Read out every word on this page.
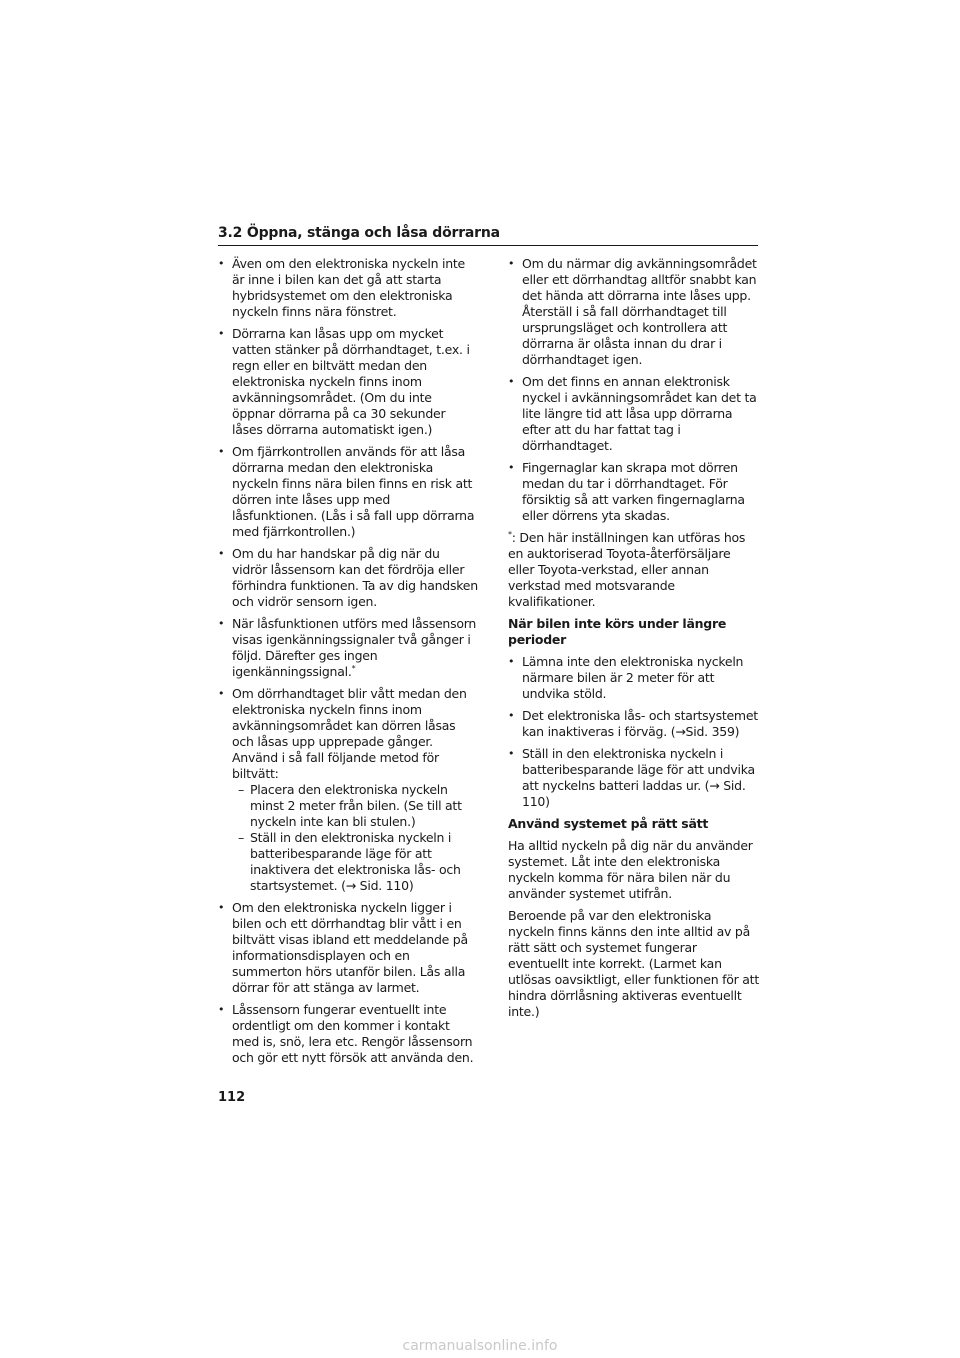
3.2 Öppna, stänga och låsa dörrarna
• Även om den elektroniska nyckeln inte är inne i bilen kan det gå att starta hybridsystemet om den elektroniska nyckeln finns nära fönstret.
• Dörrarna kan låsas upp om mycket vatten stänker på dörrhandtaget, t.ex. i regn eller en biltvätt medan den elektroniska nyckeln finns inom avkänningsområdet. (Om du inte öppnar dörrarna på ca 30 sekunder låses dörrarna automatiskt igen.)
• Om fjärrkontrollen används för att låsa dörrarna medan den elektroniska nyckeln finns nära bilen finns en risk att dörren inte låses upp med låsfunktionen. (Lås i så fall upp dörrarna med fjärrkontrollen.)
• Om du har handskar på dig när du vidrör låssensorn kan det fördröja eller förhindra funktionen. Ta av dig handsken och vidrör sensorn igen.
• När låsfunktionen utförs med låssensorn visas igenkänningssignaler två gånger i följd. Därefter ges ingen igenkänningssignal.*
• Om dörrhandtaget blir vått medan den elektroniska nyckeln finns inom avkänningsområdet kan dörren låsas och låsas upp upprepade gånger. Använd i så fall följande metod för biltvätt:
– Placera den elektroniska nyckeln minst 2 meter från bilen. (Se till att nyckeln inte kan bli stulen.)
– Ställ in den elektroniska nyckeln i batteribesparande läge för att inaktivera det elektroniska lås- och startsystemet. (→ Sid. 110)
• Om den elektroniska nyckeln ligger i bilen och ett dörrhandtag blir vått i en biltvätt visas ibland ett meddelande på informationsdisplayen och en summerton hörs utanför bilen. Lås alla dörrar för att stänga av larmet.
• Låssensorn fungerar eventuellt inte ordentligt om den kommer i kontakt med is, snö, lera etc. Rengör låssensorn och gör ett nytt försök att använda den.
• Om du närmar dig avkänningsområdet eller ett dörrhandtag alltför snabbt kan det hända att dörrarna inte låses upp. Återställ i så fall dörrhandtaget till ursprungsläget och kontrollera att dörrarna är olåsta innan du drar i dörrhandtaget igen.
• Om det finns en annan elektronisk nyckel i avkänningsområdet kan det ta lite längre tid att låsa upp dörrarna efter att du har fattat tag i dörrhandtaget.
• Fingernaglar kan skrapa mot dörren medan du tar i dörrhandtaget. För försiktig så att varken fingernaglarna eller dörrens yta skadas.

*: Den här inställningen kan utföras hos en auktoriserad Toyota-återförsäljare eller Toyota-verkstad, eller annan verkstad med motsvarande kvalifikationer.

När bilen inte körs under längre perioder

• Lämna inte den elektroniska nyckeln närmare bilen är 2 meter för att undvika stöld.
• Det elektroniska lås- och startsystemet kan inaktiveras i förväg. (→Sid. 359)
• Ställ in den elektroniska nyckeln i batteribesparande läge för att undvika att nyckelns batteri laddas ur. (→ Sid. 110)

Använd systemet på rätt sätt

Ha alltid nyckeln på dig när du använder systemet. Låt inte den elektroniska nyckeln komma för nära bilen när du använder systemet utifrån.

Beroende på var den elektroniska nyckeln finns känns den inte alltid av på rätt sätt och systemet fungerar eventuellt inte korrekt. (Larmet kan utlösas oavsiktligt, eller funktionen för att hindra dörrlåsning aktiveras eventuellt inte.)

112
carmanualsonline.info
